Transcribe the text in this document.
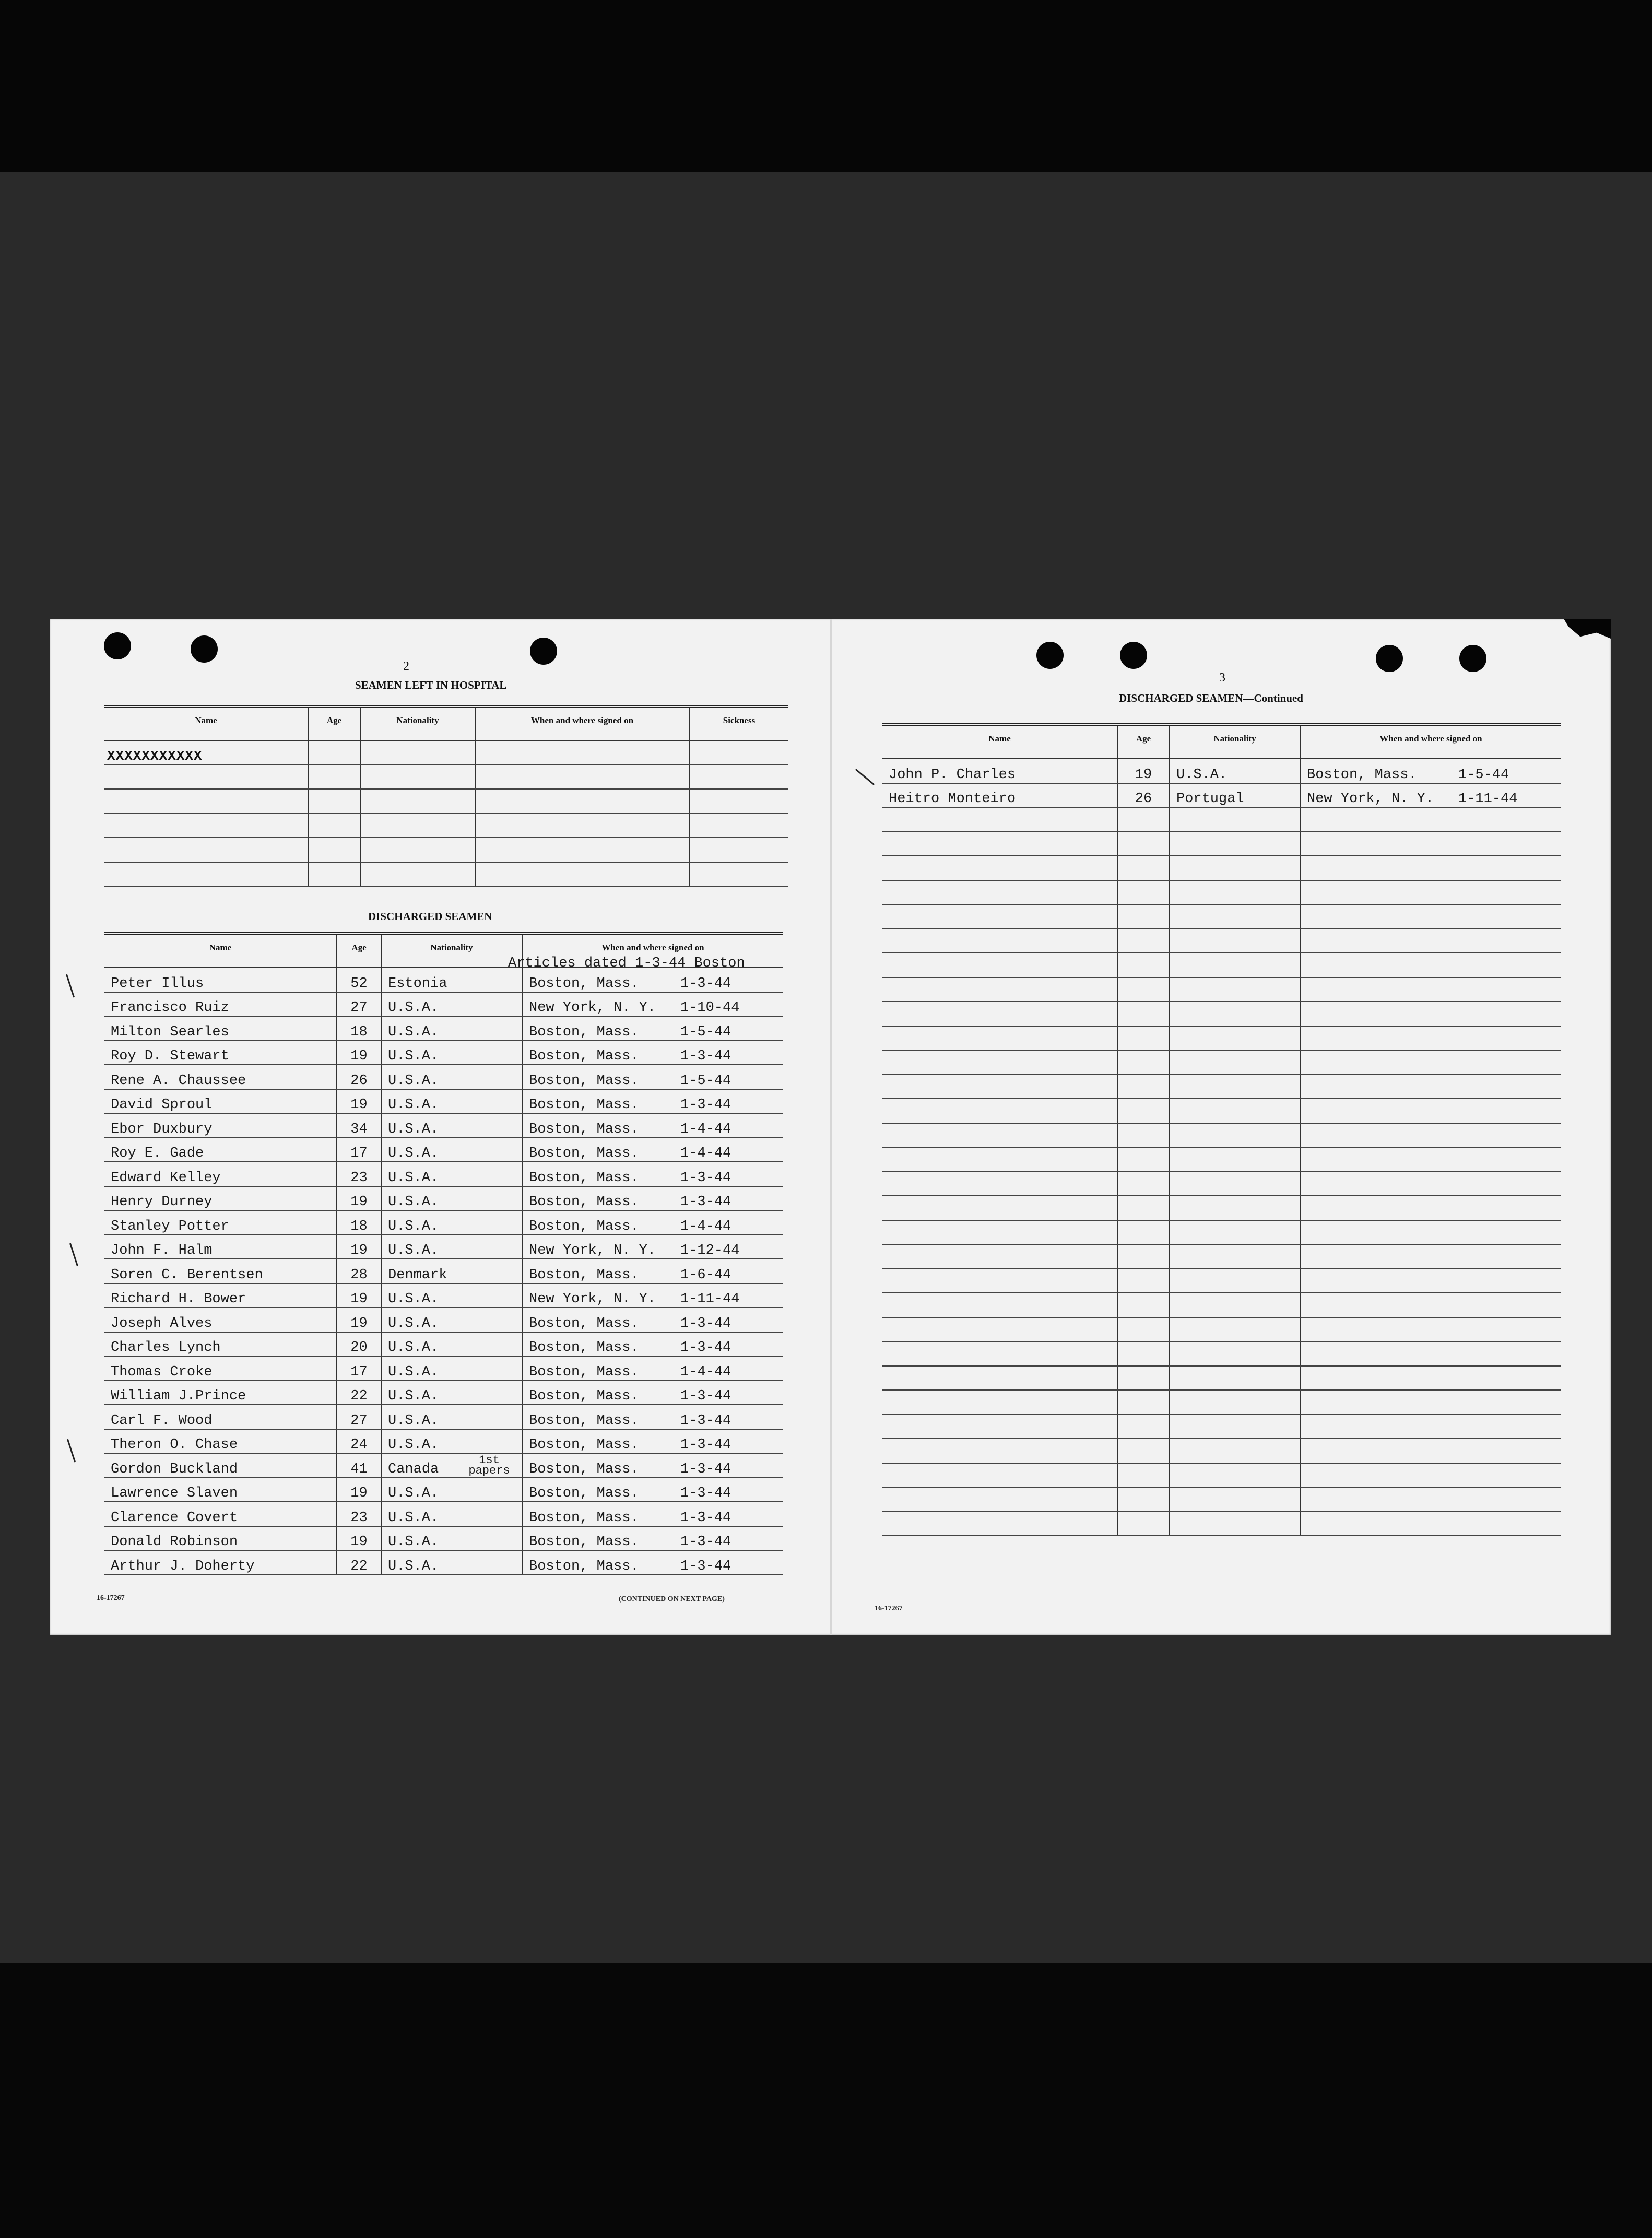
2
SEAMEN LEFT IN HOSPITAL
Name	Age	Nationality	When and where signed on	Sickness

XXXXXXXXXXX
DISCHARGED SEAMEN
Name	Age	Nationality	When and where signed on
Peter Illus	52	Estonia	Boston, Mass. 1-3-44
Francisco Ruiz	27	U.S.A.	New York, N. Y. 1-10-44
Milton Searles	18	U.S.A.	Boston, Mass. 1-5-44
Roy D. Stewart	19	U.S.A.	Boston, Mass. 1-3-44
Rene A. Chaussee	26	U.S.A.	Boston, Mass. 1-5-44
David Sproul	19	U.S.A.	Boston, Mass. 1-3-44
Ebor Duxbury	34	U.S.A.	Boston, Mass. 1-4-44
Roy E. Gade	17	U.S.A.	Boston, Mass. 1-4-44
Edward Kelley	23	U.S.A.	Boston, Mass. 1-3-44
Henry Durney	19	U.S.A.	Boston, Mass. 1-3-44
Stanley Potter	18	U.S.A.	Boston, Mass. 1-4-44
John F. Halm	19	U.S.A.	New York, N. Y. 1-12-44
Soren C. Berentsen	28	Denmark	Boston, Mass. 1-6-44
Richard H. Bower	19	U.S.A.	New York, N. Y. 1-11-44
Joseph Alves	19	U.S.A.	Boston, Mass. 1-3-44
Charles Lynch	20	U.S.A.	Boston, Mass. 1-3-44
Thomas Croke	17	U.S.A.	Boston, Mass. 1-4-44
William J.Prince	22	U.S.A.	Boston, Mass. 1-3-44
Carl F. Wood	27	U.S.A.	Boston, Mass. 1-3-44
Theron O. Chase	24	U.S.A.	Boston, Mass. 1-3-44
Gordon Buckland	41	Canada	Boston, Mass. 1-3-44
Lawrence Slaven	19	U.S.A.	Boston, Mass. 1-3-44
Clarence Covert	23	U.S.A.	Boston, Mass. 1-3-44
Donald Robinson	19	U.S.A.	Boston, Mass. 1-3-44
Arthur J. Doherty	22	U.S.A.	Boston, Mass. 1-3-44
Articles dated 1-3-44 Boston
1st papers
16-17267	(CONTINUED ON NEXT PAGE)
3
DISCHARGED SEAMEN—Continued
Name	Age	Nationality	When and where signed on
John P. Charles	19	U.S.A.	Boston, Mass. 1-5-44
Heitro Monteiro	26	Portugal	New York, N. Y. 1-11-44

16-17267
